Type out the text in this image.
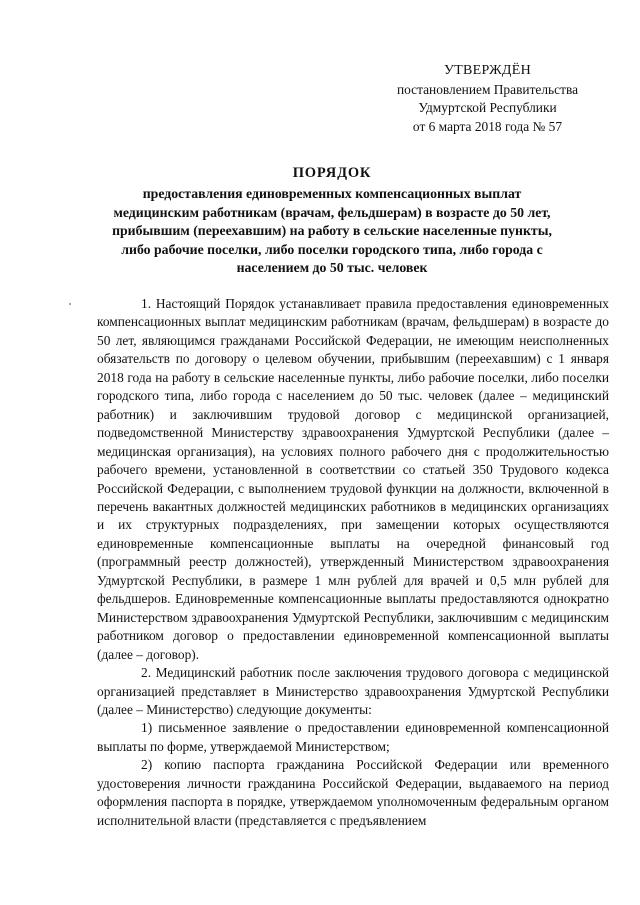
УТВЕРЖДЁН
постановлением Правительства
Удмуртской Республики
от 6 марта 2018 года № 57
ПОРЯДОК
предоставления единовременных компенсационных выплат медицинским работникам (врачам, фельдшерам) в возрасте до 50 лет, прибывшим (переехавшим) на работу в сельские населенные пункты, либо рабочие поселки, либо поселки городского типа, либо города с населением до 50 тыс. человек

1. Настоящий Порядок устанавливает правила предоставления единовременных компенсационных выплат медицинским работникам (врачам, фельдшерам) в возрасте до 50 лет, являющимся гражданами Российской Федерации, не имеющим неисполненных обязательств по договору о целевом обучении, прибывшим (переехавшим) с 1 января 2018 года на работу в сельские населенные пункты, либо рабочие поселки, либо поселки городского типа, либо города с населением до 50 тыс. человек (далее – медицинский работник) и заключившим трудовой договор с медицинской организацией, подведомственной Министерству здравоохранения Удмуртской Республики (далее – медицинская организация), на условиях полного рабочего дня с продолжительностью рабочего времени, установленной в соответствии со статьей 350 Трудового кодекса Российской Федерации, с выполнением трудовой функции на должности, включенной в перечень вакантных должностей медицинских работников в медицинских организациях и их структурных подразделениях, при замещении которых осуществляются единовременные компенсационные выплаты на очередной финансовый год (программный реестр должностей), утвержденный Министерством здравоохранения Удмуртской Республики, в размере 1 млн рублей для врачей и 0,5 млн рублей для фельдшеров. Единовременные компенсационные выплаты предоставляются однократно Министерством здравоохранения Удмуртской Республики, заключившим с медицинским работником договор о предоставлении единовременной компенсационной выплаты (далее – договор).

2. Медицинский работник после заключения трудового договора с медицинской организацией представляет в Министерство здравоохранения Удмуртской Республики (далее – Министерство) следующие документы:

1) письменное заявление о предоставлении единовременной компенсационной выплаты по форме, утверждаемой Министерством;

2) копию паспорта гражданина Российской Федерации или временного удостоверения личности гражданина Российской Федерации, выдаваемого на период оформления паспорта в порядке, утверждаемом уполномоченным федеральным органом исполнительной власти (представляется с предъявлением
